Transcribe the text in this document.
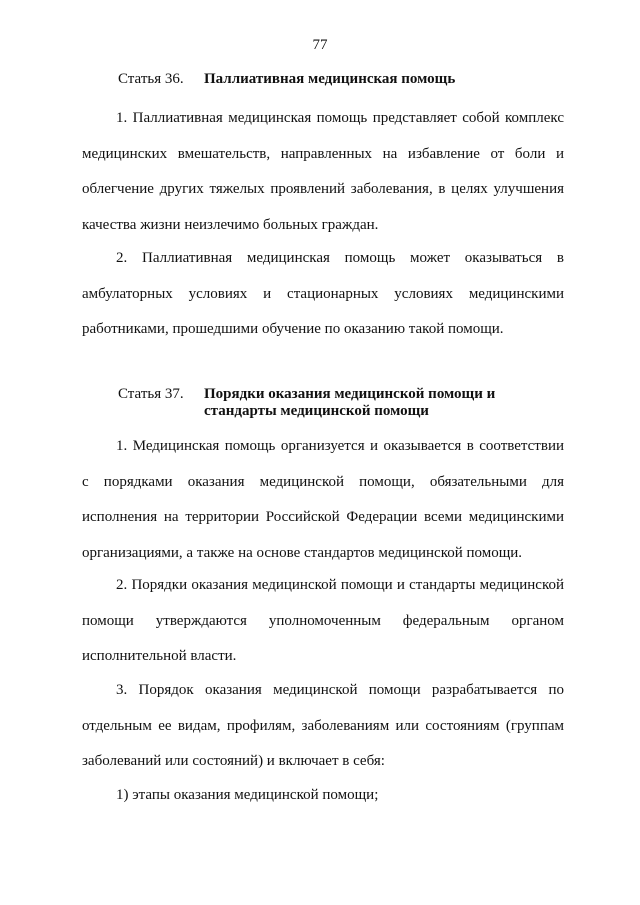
77
Статья 36.	Паллиативная медицинская помощь
1. Паллиативная медицинская помощь представляет собой комплекс
медицинских вмешательств, направленных на избавление от боли и
облегчение других тяжелых проявлений заболевания, в целях улучшения
качества жизни неизлечимо больных граждан.
2. Паллиативная медицинская помощь может оказываться в
амбулаторных условиях и стационарных условиях медицинскими
работниками, прошедшими обучение по оказанию такой помощи.
Статья 37.	Порядки оказания медицинской помощи и
стандарты медицинской помощи
1. Медицинская помощь организуется и оказывается в соответствии
с порядками оказания медицинской помощи, обязательными для
исполнения на территории Российской Федерации всеми медицинскими
организациями, а также на основе стандартов медицинской помощи.
2. Порядки оказания медицинской помощи и стандарты медицинской
помощи утверждаются уполномоченным федеральным органом
исполнительной власти.
3. Порядок оказания медицинской помощи разрабатывается по
отдельным ее видам, профилям, заболеваниям или состояниям (группам
заболеваний или состояний) и включает в себя:
1) этапы оказания медицинской помощи;
